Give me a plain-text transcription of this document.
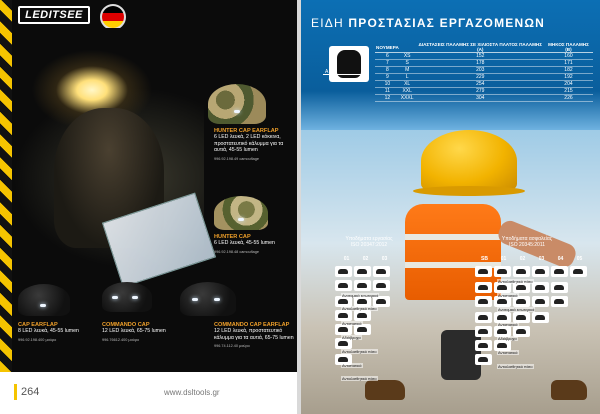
LEDITSEE
HUNTER CAP EARFLAP
6 LED λευκά, 2 LED κόκκινα, προστατευτικό κάλυμμα για τα αυτιά, 45-55 lumen
996.92.198.49 camouflage
HUNTER CAP
6 LED λευκά, 45-55 lumen
996.92.198.48 camouflage
CAP EARFLAP
8 LED λευκά, 45-55 lumen
996.92.198.400 μαύρο
COMMANDO CAP
12 LED λευκά, 65-75 lumen
996.76612.400 μαύρο
COMMANDO CAP EARFLAP
12 LED λευκά, προστατευτικό κάλυμμα για τα αυτιά, 65-75 lumen
996.74.112.40 μαύρο
264	www.dsltools.gr
ΕΙΔΗ ΠΡΟΣΤΑΣΙΑΣ ΕΡΓΑΖΟΜΕΝΩΝ
A
ΝΟΥΜΕΡΑ			ΔΙΑΣΤΑΣΕΙΣ ΠΑΛΑΜΗΣ ΣΕ ΧΙΛΙΟΣΤΑ ΠΛΑΤΟΣ ΠΑΛΑΜΗΣ (A)	ΜΗΚΟΣ ΠΑΛΑΜΗΣ (B)
6	XS		152	160
7	S		178	171
8	M		203	182
9	L		229	192
10	XL		254	204
11	XXL		279	215
12	XXXL		304	226
Υποδήματα εργασίας
ISO 20347:2012
Υποδήματα ασφαλείας
ISO 20345:2011
01	02	03	SB	01	02	03	04	05
Ανατομικά εσωτερικά
Αντιολισθητικό πάτο
Αντιστατικά
Αδιάβροχα
Αντιολισθητικό πάτο
Αντιστατικά
Αντιολισθητικό πάτο
Αντιολισθητικό πάτο
Αντιστατικά
Ανατομικά εσωτερικά
Αντιστατικά
Αδιάβροχα
Αντιστατικά
Αντιολισθητικό πάτο
